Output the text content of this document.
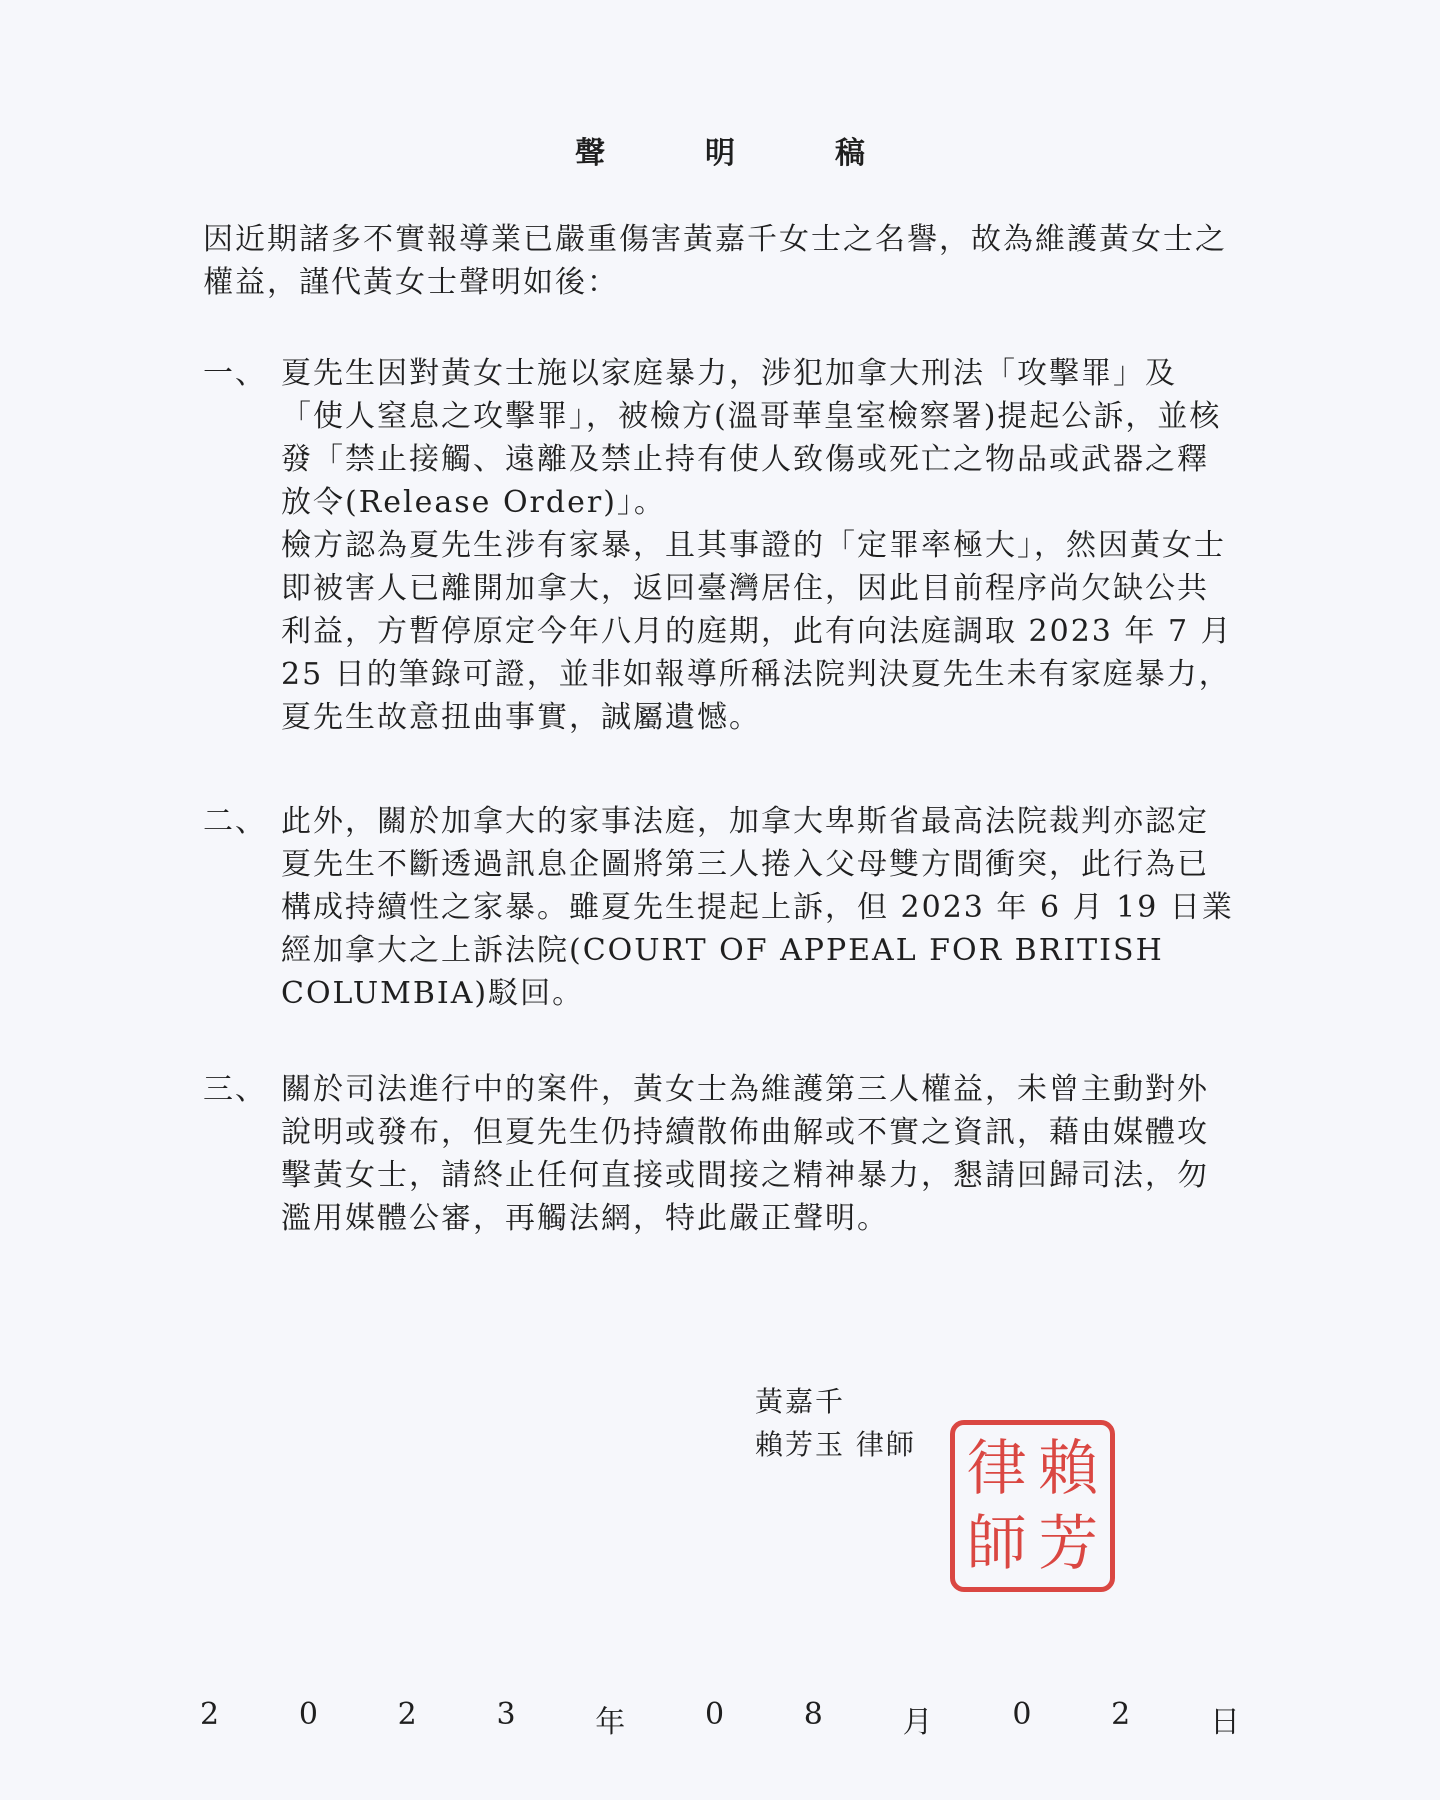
聲	明	稿

因近期諸多不實報導業已嚴重傷害黃嘉千女士之名譽，故為維護黃女士之權益，謹代黃女士聲明如後：

一、 夏先生因對黃女士施以家庭暴力，涉犯加拿大刑法「攻擊罪」及「使人窒息之攻擊罪」，被檢方(溫哥華皇室檢察署)提起公訴，並核發「禁止接觸、遠離及禁止持有使人致傷或死亡之物品或武器之釋放令(Release Order)」。

檢方認為夏先生涉有家暴，且其事證的「定罪率極大」，然因黃女士即被害人已離開加拿大，返回臺灣居住，因此目前程序尚欠缺公共利益，方暫停原定今年八月的庭期，此有向法庭調取 2023 年 7 月 25 日的筆錄可證，並非如報導所稱法院判決夏先生未有家庭暴力，夏先生故意扭曲事實，誠屬遺憾。

二、 此外，關於加拿大的家事法庭，加拿大卑斯省最高法院裁判亦認定夏先生不斷透過訊息企圖將第三人捲入父母雙方間衝突，此行為已構成持續性之家暴。雖夏先生提起上訴，但 2023 年 6 月 19 日業經加拿大之上訴法院(COURT OF APPEAL FOR BRITISH COLUMBIA)駁回。

三、 關於司法進行中的案件，黃女士為維護第三人權益，未曾主動對外說明或發布，但夏先生仍持續散佈曲解或不實之資訊，藉由媒體攻擊黃女士，請終止任何直接或間接之精神暴力，懇請回歸司法，勿濫用媒體公審，再觸法網，特此嚴正聲明。

黃嘉千
賴芳玉 律師 律 賴
師 芳
2	0	2	3	年	0	8	月	0	2	日
